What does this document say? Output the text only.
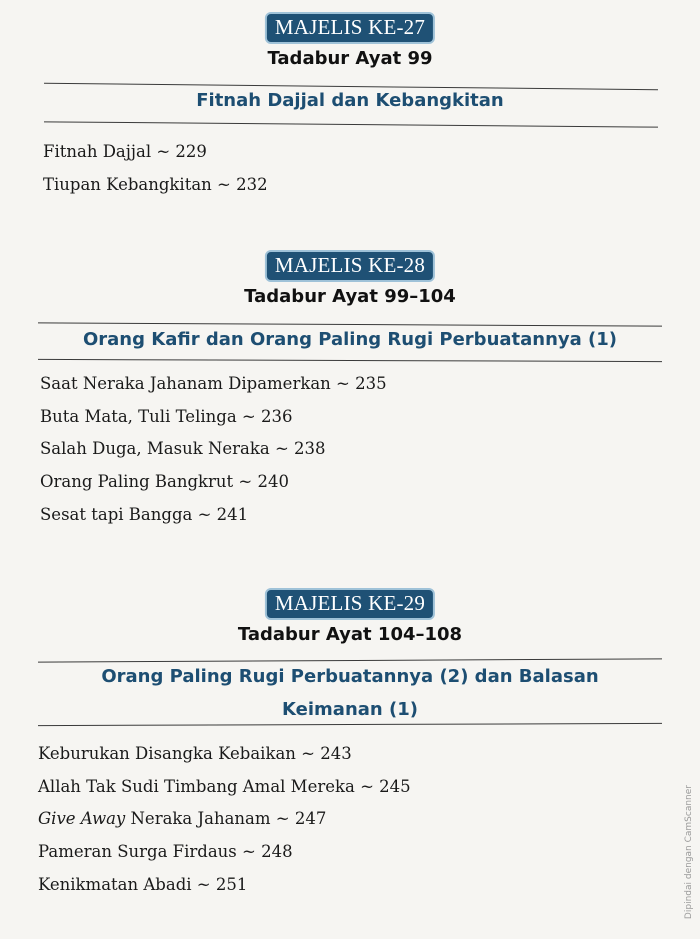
MAJELIS KE-27
Tadabur Ayat 99
Fitnah Dajjal dan Kebangkitan
Fitnah Dajjal ~ 229
Tiupan Kebangkitan ~ 232
MAJELIS KE-28
Tadabur Ayat 99–104
Orang Kafir dan Orang Paling Rugi Perbuatannya (1)
Saat Neraka Jahanam Dipamerkan ~ 235
Buta Mata, Tuli Telinga ~ 236
Salah Duga, Masuk Neraka ~ 238
Orang Paling Bangkrut ~ 240
Sesat tapi Bangga ~ 241
MAJELIS KE-29
Tadabur Ayat 104–108
Orang Paling Rugi Perbuatannya (2) dan Balasan
Keimanan (1)
Keburukan Disangka Kebaikan ~ 243
Allah Tak Sudi Timbang Amal Mereka ~ 245
Give Away Neraka Jahanam ~ 247
Pameran Surga Firdaus ~ 248
Kenikmatan Abadi ~ 251	Dipindai dengan CamScanner
